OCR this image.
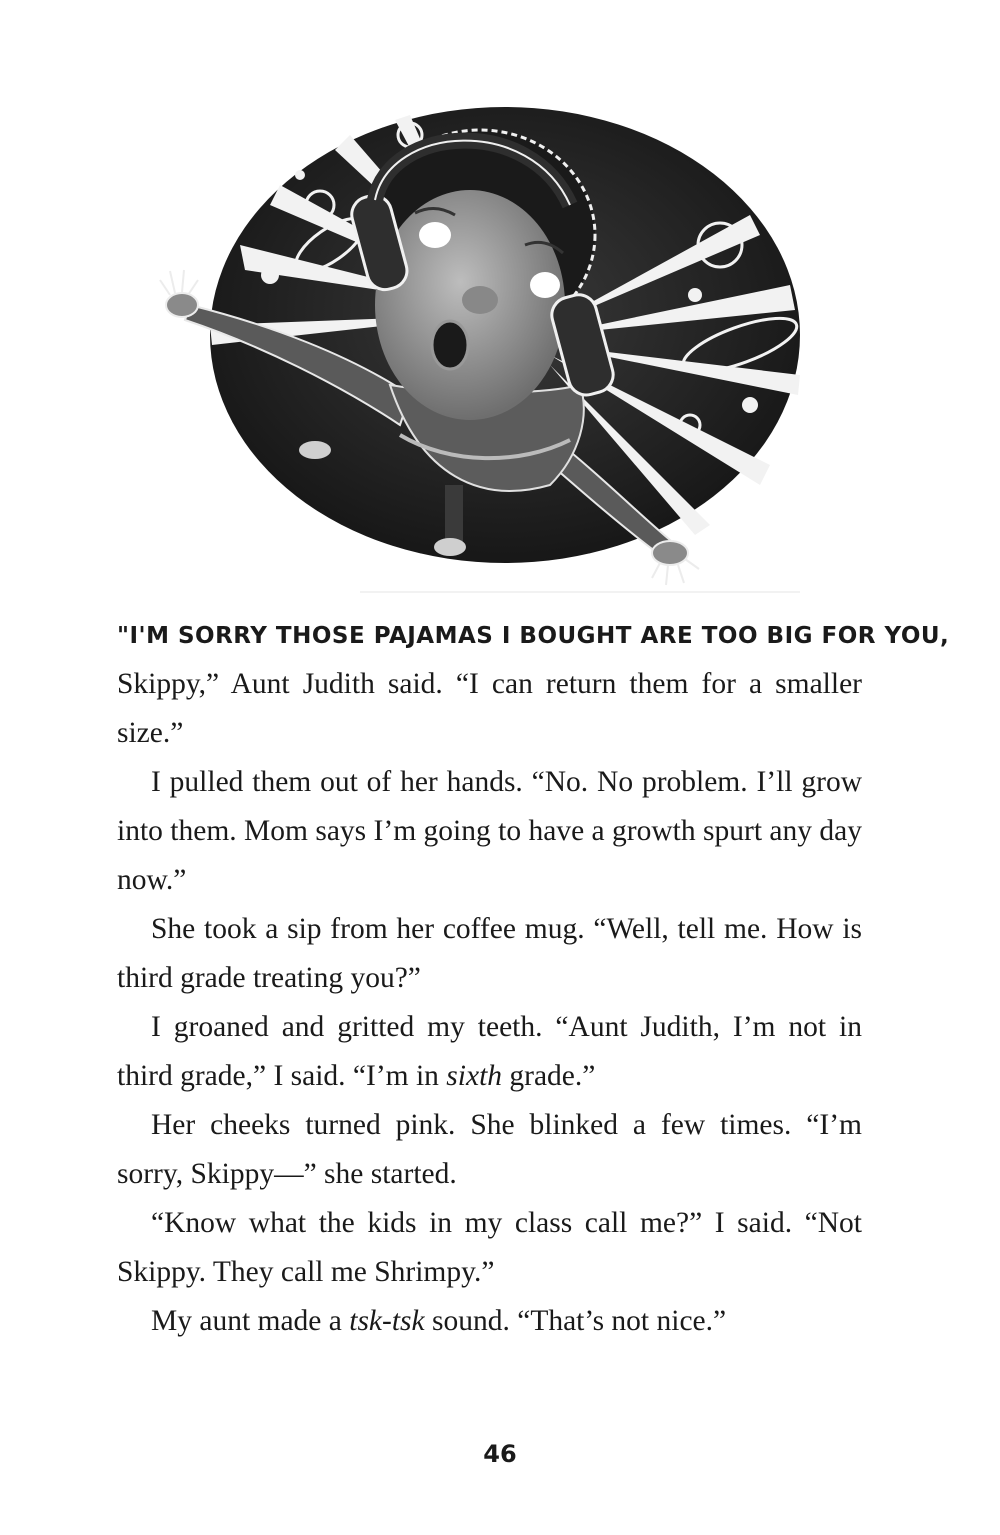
"I'M SORRY THOSE PAJAMAS I BOUGHT ARE TOO BIG FOR YOU,

Skippy,” Aunt Judith said. “I can return them for a smaller size.”

I pulled them out of her hands. “No. No problem. I’ll grow into them. Mom says I’m going to have a growth spurt any day now.”

She took a sip from her coffee mug. “Well, tell me. How is third grade treating you?”

I groaned and gritted my teeth. “Aunt Judith, I’m not in third grade,” I said. “I’m in sixth grade.”

Her cheeks turned pink. She blinked a few times. “I’m sorry, Skippy—” she started.

“Know what the kids in my class call me?” I said. “Not Skippy. They call me Shrimpy.”

My aunt made a tsk-tsk sound. “That’s not nice.”

46
